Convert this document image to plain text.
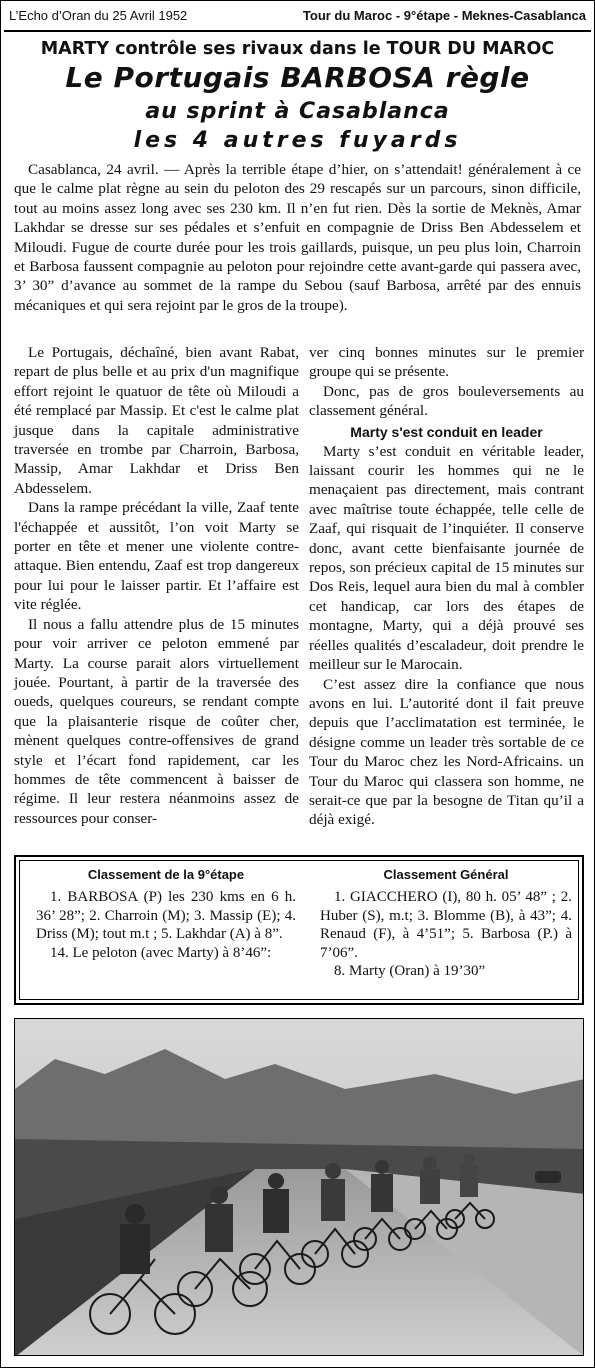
L’Echo d’Oran du 25 Avril 1952	Tour du Maroc - 9°étape - Meknes-Casablanca
MARTY contrôle ses rivaux dans le TOUR DU MAROC
Le Portugais BARBOSA règle
au sprint à Casablanca
les 4 autres fuyards

Casablanca, 24 avril. — Après la terrible étape d’hier, on s’attendait! généralement à ce que le calme plat règne au sein du peloton des 29 rescapés sur un parcours, sinon difficile, tout au moins assez long avec ses 230 km. Il n’en fut rien. Dès la sortie de Meknès, Amar Lakhdar se dresse sur ses pédales et s’enfuit en compagnie de Driss Ben Abdesselem et Miloudi. Fugue de courte durée pour les trois gaillards, puisque, un peu plus loin, Charroin et Barbosa faussent compagnie au peloton pour rejoindre cette avant-garde qui passera avec, 3’ 30” d’avance au sommet de la rampe du Sebou (sauf Barbosa, arrêté par des ennuis mécaniques et qui sera rejoint par le gros de la troupe).

Le Portugais, déchaîné, bien avant Rabat, repart de plus belle et au prix d'un magnifique effort rejoint le quatuor de tête où Miloudi a été remplacé par Massip. Et c'est le calme plat jusque dans la capitale administrative traversée en trombe par Charroin, Barbosa, Massip, Amar Lakhdar et Driss Ben Abdesselem.

Dans la rampe précédant la ville, Zaaf tente l'échappée et aussitôt, l’on voit Marty se porter en tête et mener une violente contre-attaque. Bien entendu, Zaaf est trop dangereux pour lui pour le laisser partir. Et l’affaire est vite réglée.

Il nous a fallu attendre plus de 15 minutes pour voir arriver ce peloton emmené par Marty. La course parait alors virtuellement jouée. Pourtant, à partir de la traversée des oueds, quelques coureurs, se rendant compte que la plaisanterie risque de coûter cher, mènent quelques contre-offensives de grand style et l’écart fond rapidement, car les hommes de tête commencent à baisser de régime. Il leur restera néanmoins assez de ressources pour conser-

ver cinq bonnes minutes sur le premier groupe qui se présente.

Donc, pas de gros bouleversements au classement général.

Marty s'est conduit en leader

Marty s’est conduit en véritable leader, laissant courir les hommes qui ne le menaçaient pas directement, mais contrant avec maîtrise toute échappée, telle celle de Zaaf, qui risquait de l’inquiéter. Il conserve donc, avant cette bienfaisante journée de repos, son précieux capital de 15 minutes sur Dos Reis, lequel aura bien du mal à combler cet handicap, car lors des étapes de montagne, Marty, qui a déjà prouvé ses réelles qualités d’escaladeur, doit prendre le meilleur sur le Marocain.

C’est assez dire la confiance que nous avons en lui. L’autorité dont il fait preuve depuis que l’acclimatation est terminée, le désigne comme un leader très sortable de ce Tour du Maroc chez les Nord-Africains. un Tour du Maroc qui classera son homme, ne serait-ce que par la besogne de Titan qu’il a déjà exigé.

Classement de la 9°étape

1. BARBOSA (P) les 230 kms en 6 h. 36’ 28”; 2. Charroin (M); 3. Massip (E); 4. Driss (M); tout m.t ; 5. Lakhdar (A) à 8”.

14. Le peloton (avec Marty) à 8’46”:

Classement Général

1. GIACCHERO (I), 80 h. 05’ 48” ; 2. Huber (S), m.t; 3. Blomme (B), à 43”; 4. Renaud (F), à 4’51”; 5. Barbosa (P.) à 7’06”.

8. Marty (Oran) à 19’30”
